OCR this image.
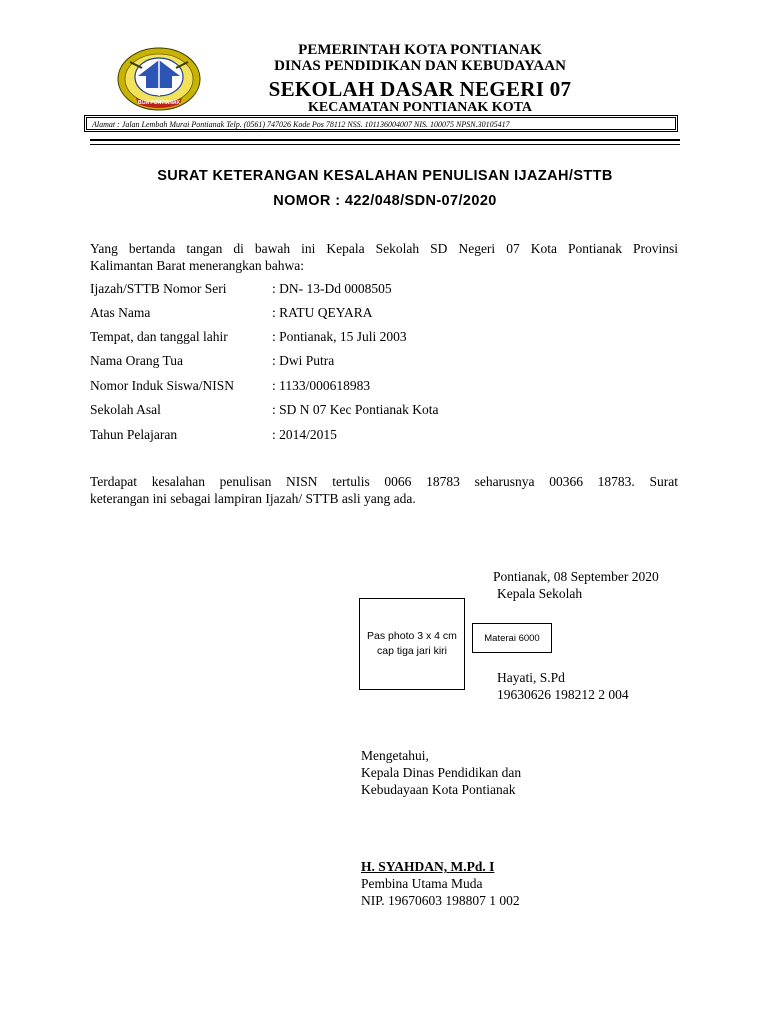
BIJA PONTIANAK
PEMERINTAH KOTA PONTIANAK
DINAS PENDIDIKAN DAN KEBUDAYAAN
SEKOLAH DASAR NEGERI 07
KECAMATAN PONTIANAK KOTA
Alamat : Jalan Lembah Murai Pontianak Telp. (0561) 747026 Kode Pos 78112 NSS. 101136004007 NIS. 100075 NPSN.30105417
SURAT KETERANGAN KESALAHAN PENULISAN IJAZAH/STTB
NOMOR : 422/048/SDN-07/2020
Yang bertanda tangan di bawah ini Kepala Sekolah SD Negeri 07 Kota Pontianak Provinsi
Kalimantan Barat menerangkan bahwa:
Ijazah/STTB Nomor Seri	: DN- 13-Dd 0008505
Atas Nama	: RATU QEYARA
Tempat, dan tanggal lahir	: Pontianak, 15 Juli 2003
Nama Orang Tua	: Dwi Putra
Nomor Induk Siswa/NISN	: 1133/000618983
Sekolah Asal	: SD N 07 Kec Pontianak Kota
Tahun Pelajaran	: 2014/2015
Terdapat kesalahan penulisan NISN tertulis 0066 18783 seharusnya 00366 18783. Surat
keterangan ini sebagai lampiran Ijazah/ STTB asli yang ada.
Pontianak, 08 September 2020
Kepala Sekolah
Pas photo 3 x 4 cm cap tiga jari kiri
Materai 6000
Hayati, S.Pd
19630626 198212 2 004
Mengetahui,
Kepala Dinas Pendidikan dan
Kebudayaan Kota Pontianak
H. SYAHDAN, M.Pd. I
Pembina Utama Muda
NIP. 19670603 198807 1 002
